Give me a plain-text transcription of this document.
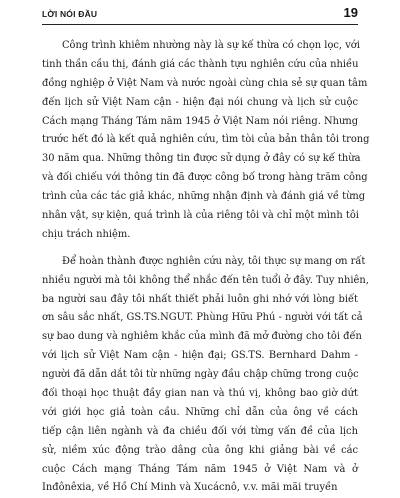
LỜI NÓI ĐẦU	19
Công trình khiêm nhường này là sự kế thừa có chọn lọc, với
tinh thần cầu thị, đánh giá các thành tựu nghiên cứu của nhiều
đồng nghiệp ở Việt Nam và nước ngoài cùng chia sẻ sự quan tâm
đến lịch sử Việt Nam cận - hiện đại nói chung và lịch sử cuộc
Cách mạng Tháng Tám năm 1945 ở Việt Nam nói riêng. Nhưng
trước hết đó là kết quả nghiên cứu, tìm tòi của bản thân tôi trong
30 năm qua. Những thông tin được sử dụng ở đây có sự kế thừa
và đối chiếu với thông tin đã được công bố trong hàng trăm công
trình của các tác giả khác, những nhận định và đánh giá về từng
nhân vật, sự kiện, quá trình là của riêng tôi và chỉ một mình tôi
chịu trách nhiệm.
Để hoàn thành được nghiên cứu này, tôi thực sự mang ơn rất
nhiều người mà tôi không thể nhắc đến tên tuổi ở đây. Tuy nhiên,
ba người sau đây tôi nhất thiết phải luôn ghi nhớ với lòng biết
ơn sâu sắc nhất, GS.TS.NGUT. Phùng Hữu Phú - người với tất cả
sự bao dung và nghiêm khắc của mình đã mở đường cho tôi đến
với lịch sử Việt Nam cận - hiện đại; GS.TS. Bernhard Dahm -
người đã dẫn dắt tôi từ những ngày đầu chập chững trong cuộc
đối thoại học thuật đầy gian nan và thú vị, không bao giờ dứt
với giới học giả toàn cầu. Những chỉ dẫn của ông về cách
tiếp cận liên ngành và đa chiều đối với từng vấn đề của lịch
sử, niềm xúc động trào dâng của ông khi giảng bài về các
cuộc Cách mạng Tháng Tám năm 1945 ở Việt Nam và ở
Inđônêxia, về Hồ Chí Minh và Xucácnô, v.v. mãi mãi truyền
